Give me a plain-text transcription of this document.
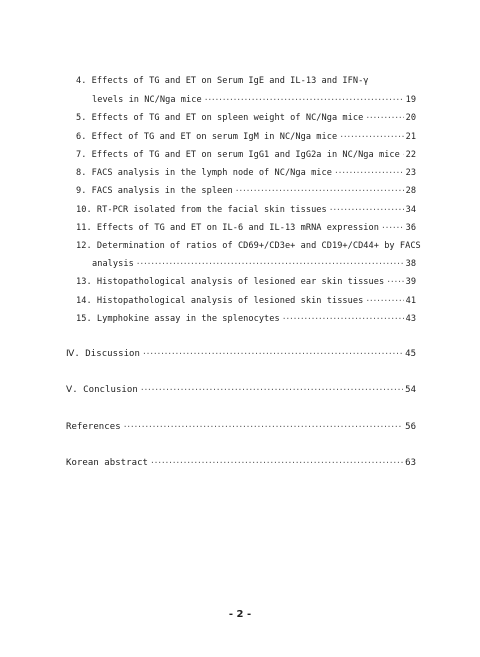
4. Effects of TG and ET on Serum IgE and IL-13 and IFN-γ
levels in NC/Nga mice ·····	19
5. Effects of TG and ET on spleen weight of NC/Nga mice ·····	20
6. Effect of TG and ET on serum IgM in NC/Nga mice ·····	21
7. Effects of TG and ET on serum IgG1 and IgG2a in NC/Nga mice ····· 22
8. FACS analysis in the lymph node of NC/Nga mice ·····	23
9. FACS analysis in the spleen ·····	28
10. RT-PCR isolated from the facial skin tissues ·····	34
11. Effects of TG and ET on IL-6 and IL-13 mRNA expression ·····	36
12. Determination of ratios of CD69+/CD3e+ and CD19+/CD44+ by FACS
analysis ·····	38
13. Histopathological analysis of lesioned ear skin tissues ····· 39
14. Histopathological analysis of lesioned skin tissues ·····	41
15. Lymphokine assay in the splenocytes ·····	43
Ⅳ. Discussion ·····	45
Ⅴ. Conclusion ·····	54
References ·····	56
Korean abstract ·····	63
- 2 -
